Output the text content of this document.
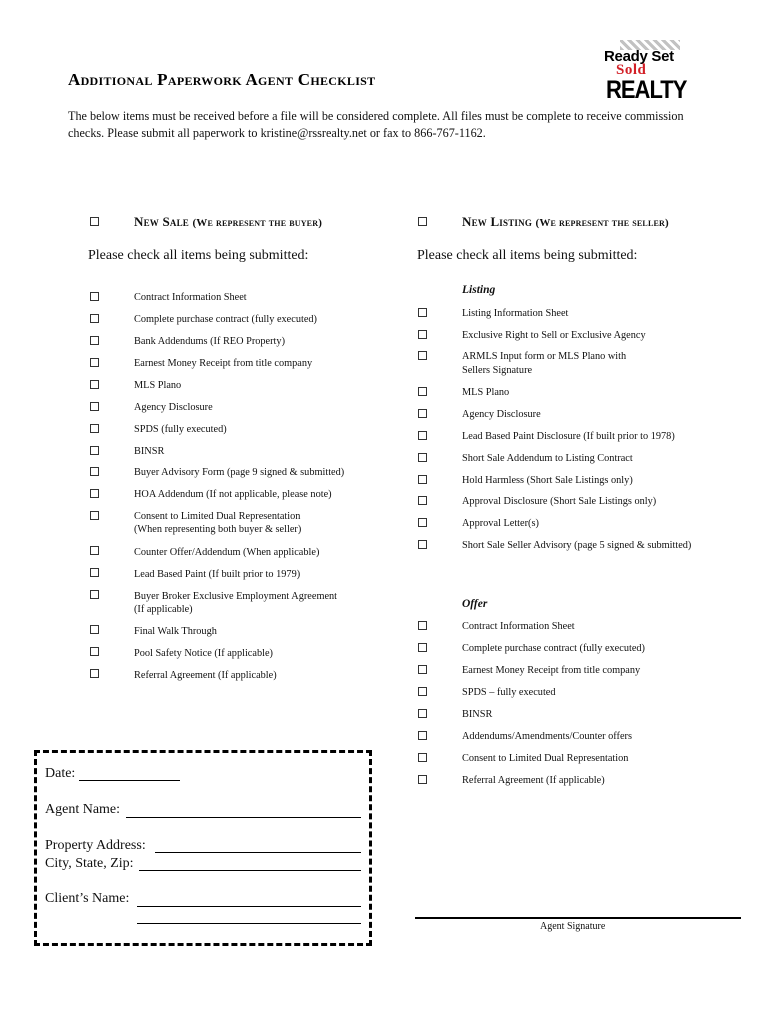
Additional Paperwork Agent Checklist
The below items must be received before a file will be considered complete. All files must be complete to receive commission checks. Please submit all paperwork to kristine@rssrealty.net or fax to 866-767-1162.
Ready Set
Sold
REALTY
New Sale (We represent the buyer)
Please check all items being submitted:
New Listing (We represent the seller)
Please check all items being submitted:
Contract Information Sheet
Complete purchase contract (fully executed)
Bank Addendums (If REO Property)
Earnest Money Receipt from title company
MLS Plano
Agency Disclosure
SPDS (fully executed)
BINSR
Buyer Advisory Form (page 9 signed & submitted)
HOA Addendum (If not applicable, please note)
Consent to Limited Dual Representation
(When representing both buyer & seller)
Counter Offer/Addendum (When applicable)
Lead Based Paint (If built prior to 1979)
Buyer Broker Exclusive Employment Agreement
(If applicable)
Final Walk Through
Pool Safety Notice (If applicable)
Referral Agreement (If applicable)
Listing
Listing Information Sheet
Exclusive Right to Sell or Exclusive Agency
ARMLS Input form or MLS Plano with
Sellers Signature
MLS Plano
Agency Disclosure
Lead Based Paint Disclosure (If built prior to 1978)
Short Sale Addendum to Listing Contract
Hold Harmless (Short Sale Listings only)
Approval Disclosure (Short Sale Listings only)
Approval Letter(s)
Short Sale Seller Advisory (page 5 signed & submitted)
Offer
Contract Information Sheet
Complete purchase contract (fully executed)
Earnest Money Receipt from title company
SPDS – fully executed
BINSR
Addendums/Amendments/Counter offers
Consent to Limited Dual Representation
Referral Agreement (If applicable)
Date:
Agent Name:
Property Address:
City, State, Zip:
Client’s Name:
Agent Signature
